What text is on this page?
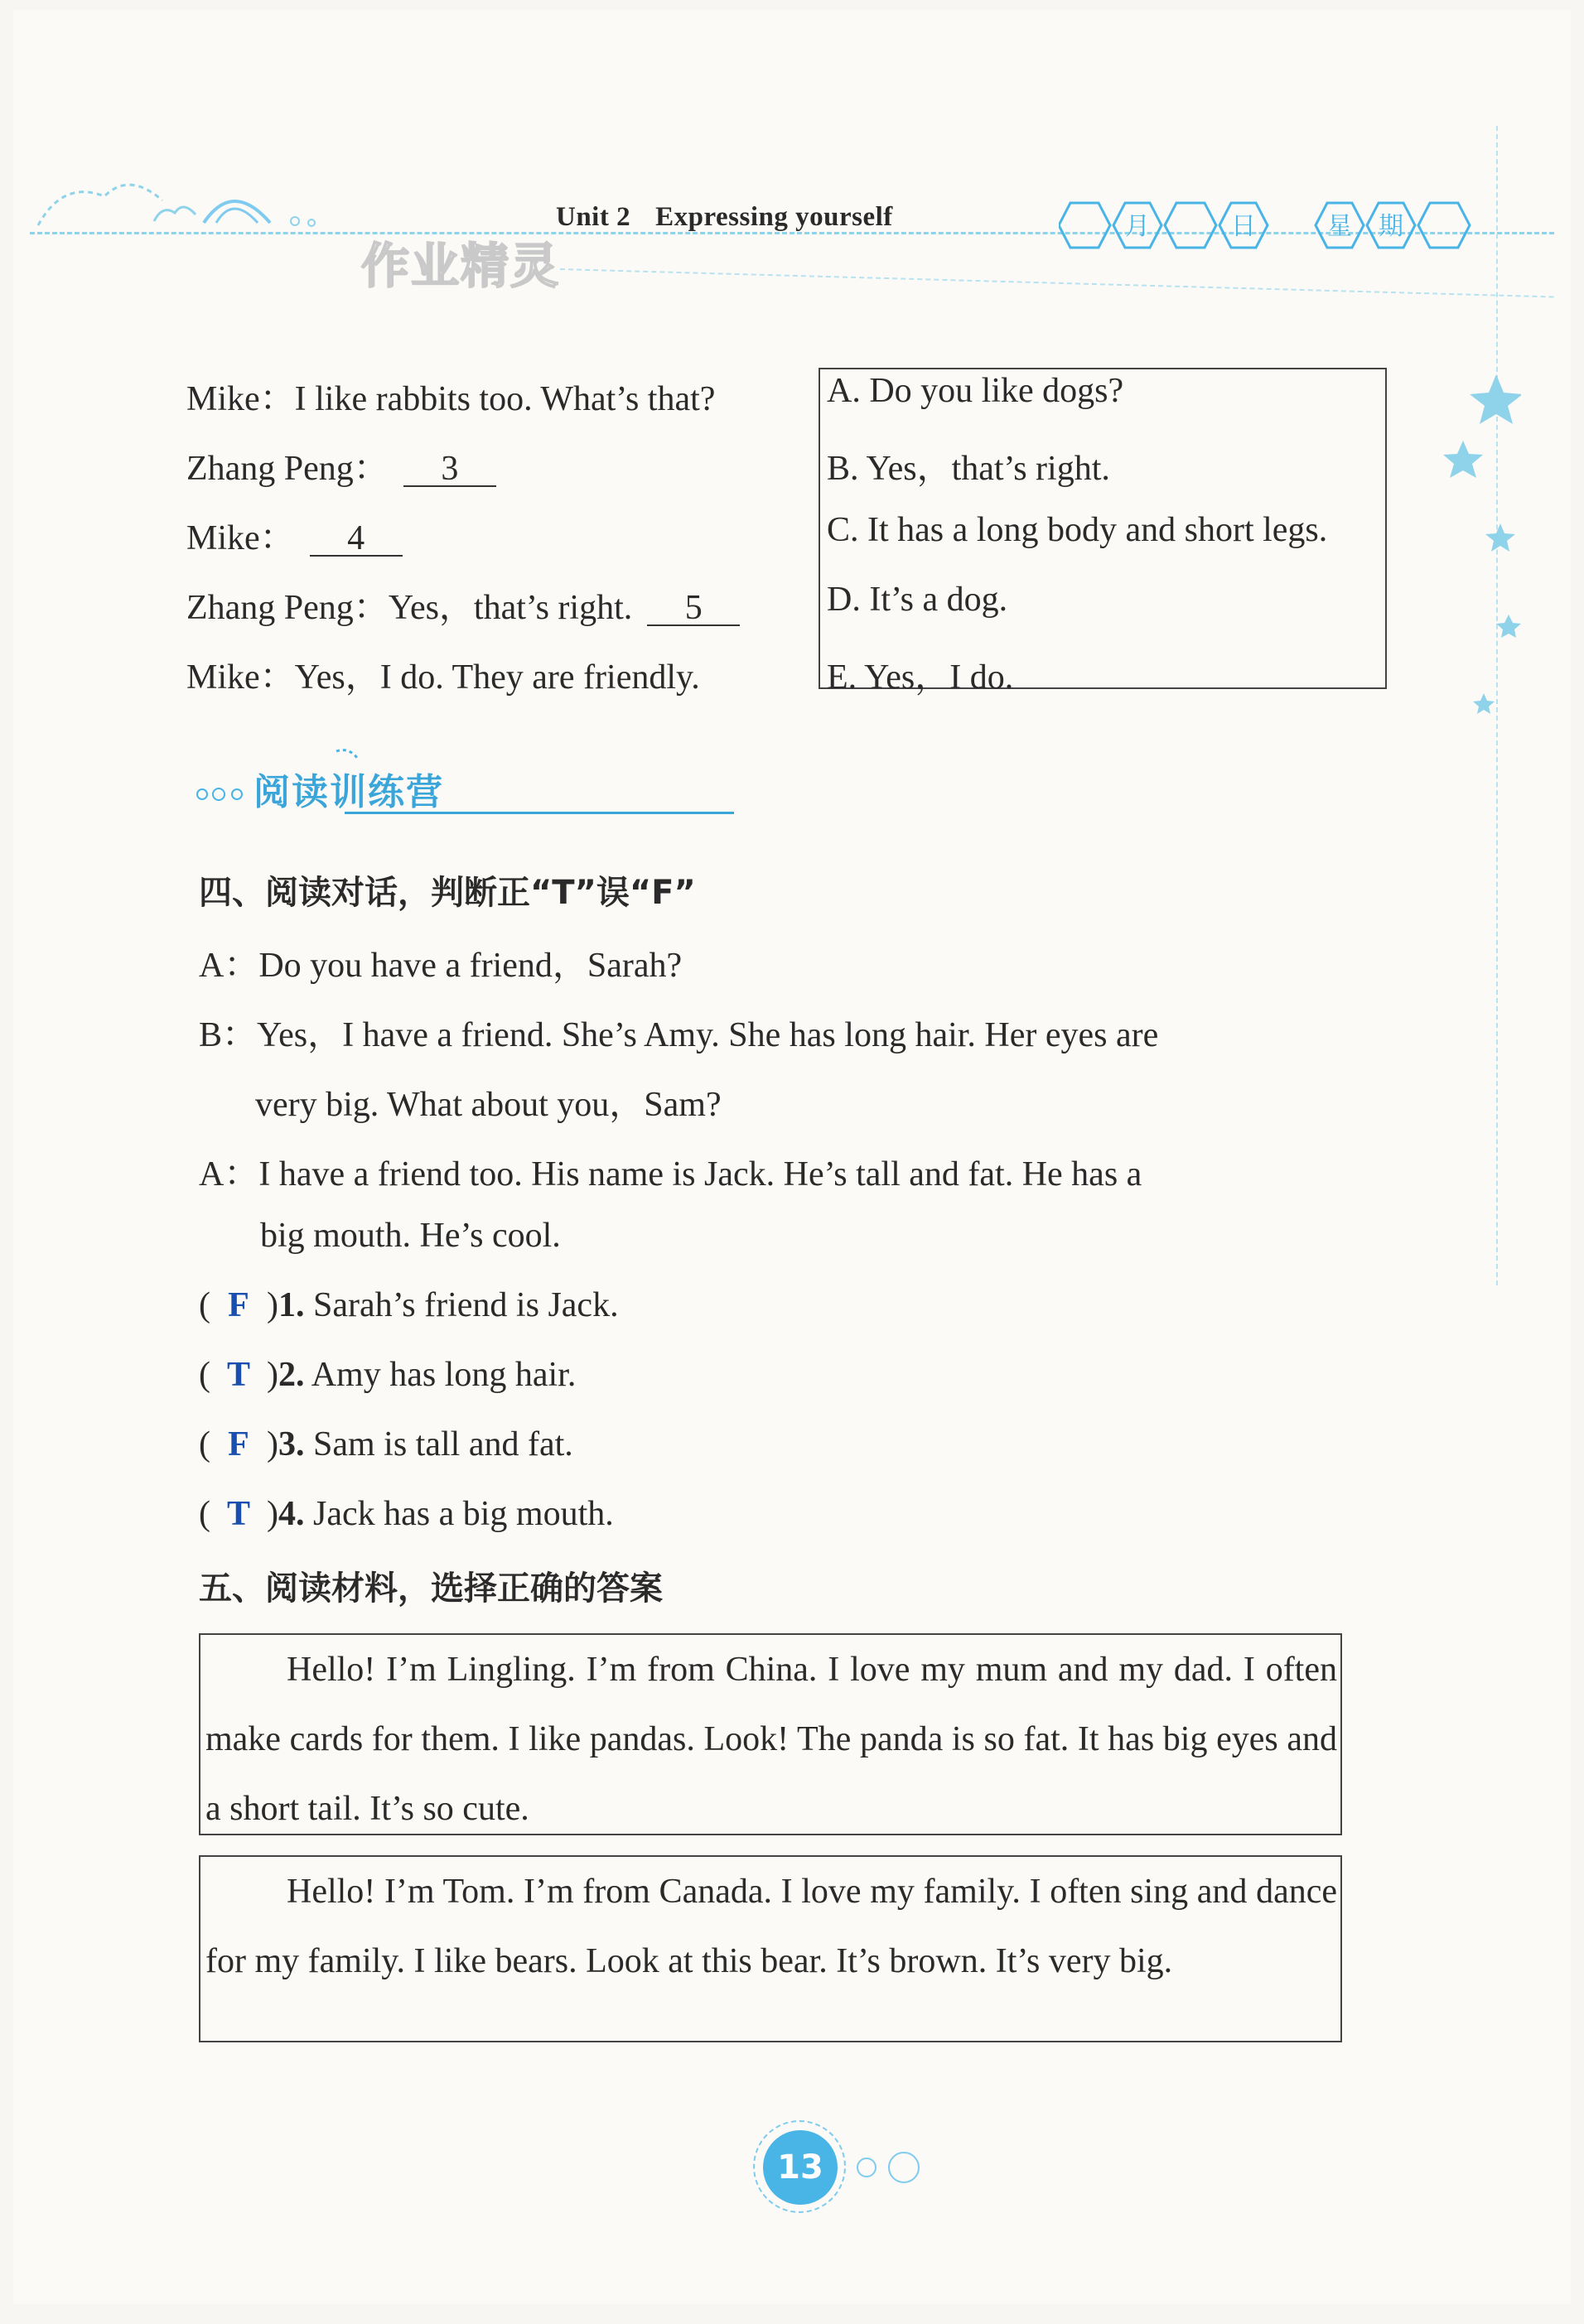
Unit 2 Expressing yourself
作业精灵
月	日	星 期
Mike：I like rabbits too. What’s that?
Zhang Peng： 3
Mike： 4
Zhang Peng：Yes，that’s right. 5
Mike：Yes，I do. They are friendly.
A. Do you like dogs?
B. Yes，that’s right.
C. It has a long body and short legs.
D. It’s a dog.
E. Yes，I do.
阅读训练营
四、阅读对话，判断正“T”误“F”
A：Do you have a friend，Sarah?
B：Yes，I have a friend. She’s Amy. She has long hair. Her eyes are
very big. What about you，Sam?
A：I have a friend too. His name is Jack. He’s tall and fat. He has a
big mouth. He’s cool.
( F )1. Sarah’s friend is Jack.
( T )2. Amy has long hair.
( F )3. Sam is tall and fat.
( T )4. Jack has a big mouth.
五、阅读材料，选择正确的答案
Hello! I’m Lingling. I’m from China. I love my mum and my dad. I often make cards for them. I like pandas. Look! The panda is so fat. It has big eyes and a short tail. It’s so cute.
Hello! I’m Tom. I’m from Canada. I love my family. I often sing and dance for my family. I like bears. Look at this bear. It’s brown. It’s very big.
13
